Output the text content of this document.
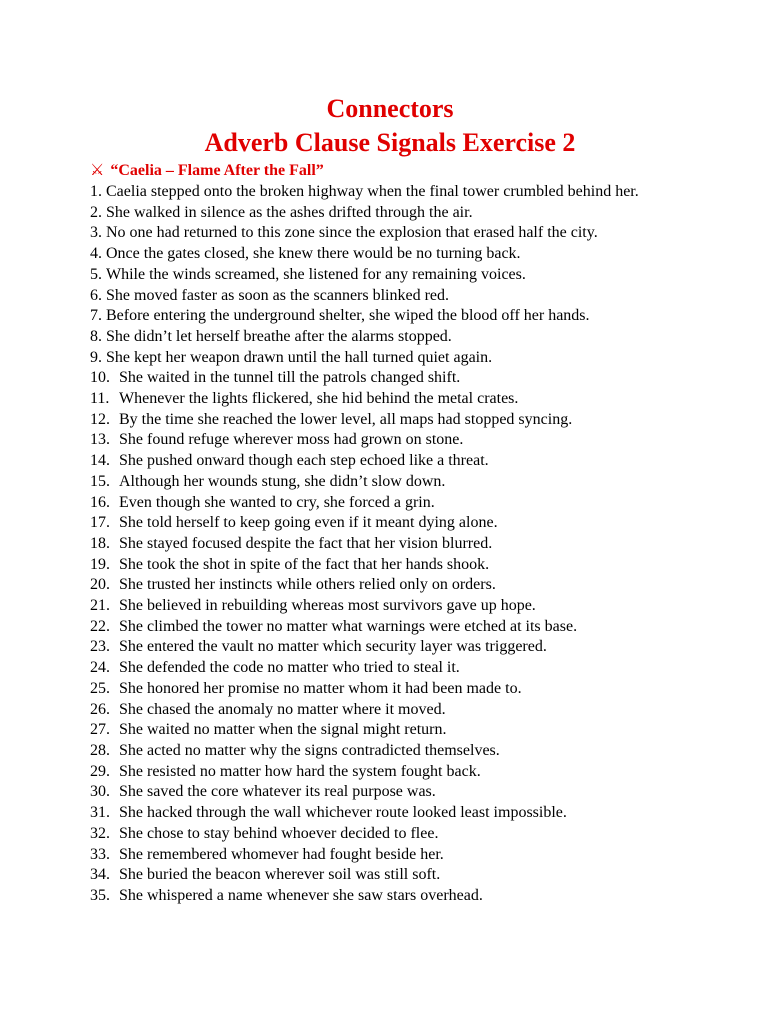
Connectors
Adverb Clause Signals Exercise 2
⚔ “Caelia – Flame After the Fall”
1. Caelia stepped onto the broken highway when the final tower crumbled behind her.
2. She walked in silence as the ashes drifted through the air.
3. No one had returned to this zone since the explosion that erased half the city.
4. Once the gates closed, she knew there would be no turning back.
5. While the winds screamed, she listened for any remaining voices.
6. She moved faster as soon as the scanners blinked red.
7. Before entering the underground shelter, she wiped the blood off her hands.
8. She didn’t let herself breathe after the alarms stopped.
9. She kept her weapon drawn until the hall turned quiet again.
10. She waited in the tunnel till the patrols changed shift.
11. Whenever the lights flickered, she hid behind the metal crates.
12. By the time she reached the lower level, all maps had stopped syncing.
13. She found refuge wherever moss had grown on stone.
14. She pushed onward though each step echoed like a threat.
15. Although her wounds stung, she didn’t slow down.
16. Even though she wanted to cry, she forced a grin.
17. She told herself to keep going even if it meant dying alone.
18. She stayed focused despite the fact that her vision blurred.
19. She took the shot in spite of the fact that her hands shook.
20. She trusted her instincts while others relied only on orders.
21. She believed in rebuilding whereas most survivors gave up hope.
22. She climbed the tower no matter what warnings were etched at its base.
23. She entered the vault no matter which security layer was triggered.
24. She defended the code no matter who tried to steal it.
25. She honored her promise no matter whom it had been made to.
26. She chased the anomaly no matter where it moved.
27. She waited no matter when the signal might return.
28. She acted no matter why the signs contradicted themselves.
29. She resisted no matter how hard the system fought back.
30. She saved the core whatever its real purpose was.
31. She hacked through the wall whichever route looked least impossible.
32. She chose to stay behind whoever decided to flee.
33. She remembered whomever had fought beside her.
34. She buried the beacon wherever soil was still soft.
35. She whispered a name whenever she saw stars overhead.
